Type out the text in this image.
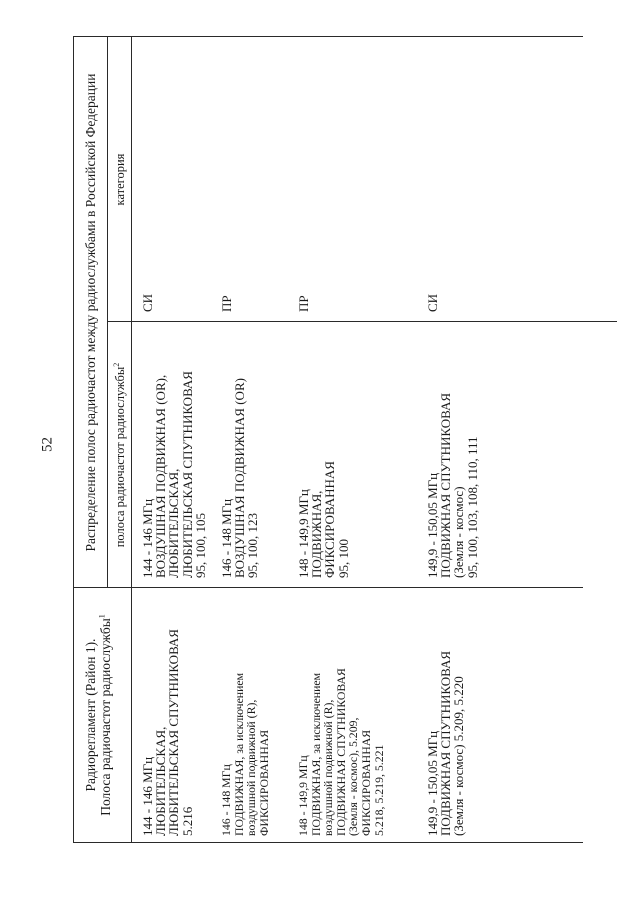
52
Радиорегламент (Район 1). Полоса радиочастот радиослужбы$^1$
Распределение полос радиочастот между радиослужбами в Российской Федерации полоса радиочастот радиослужбы$^2$
категория
144 - 146 МГц
ЛЮБИТЕЛЬСКАЯ,
ЛЮБИТЕЛЬСКАЯ СПУТНИКОВАЯ
5.216
144 - 146 МГц
ВОЗДУШНАЯ ПОДВИЖНАЯ (OR),
ЛЮБИТЕЛЬСКАЯ,
ЛЮБИТЕЛЬСКАЯ СПУТНИКОВАЯ
95, 100, 105
СИ
146 - 148 МГц
ПОДВИЖНАЯ, за исключением
воздушной подвижной (R),
ФИКСИРОВАННАЯ
146 - 148 МГц
ВОЗДУШНАЯ ПОДВИЖНАЯ (OR)
95, 100, 123
ПР
148 - 149,9 МГц
ПОДВИЖНАЯ, за исключением
воздушной подвижной (R),
ПОДВИЖНАЯ СПУТНИКОВАЯ
(Земля - космос), 5.209,
ФИКСИРОВАННАЯ
5.218, 5.219, 5.221
148 - 149,9 МГц
ПОДВИЖНАЯ,
ФИКСИРОВАННАЯ
95, 100
ПР
149,9 - 150,05 МГц
ПОДВИЖНАЯ СПУТНИКОВАЯ
(Земля - космос) 5.209, 5.220
149,9 - 150,05 МГц
ПОДВИЖНАЯ СПУТНИКОВАЯ
(Земля - космос)
95, 100, 103, 108, 110, 111
СИ
